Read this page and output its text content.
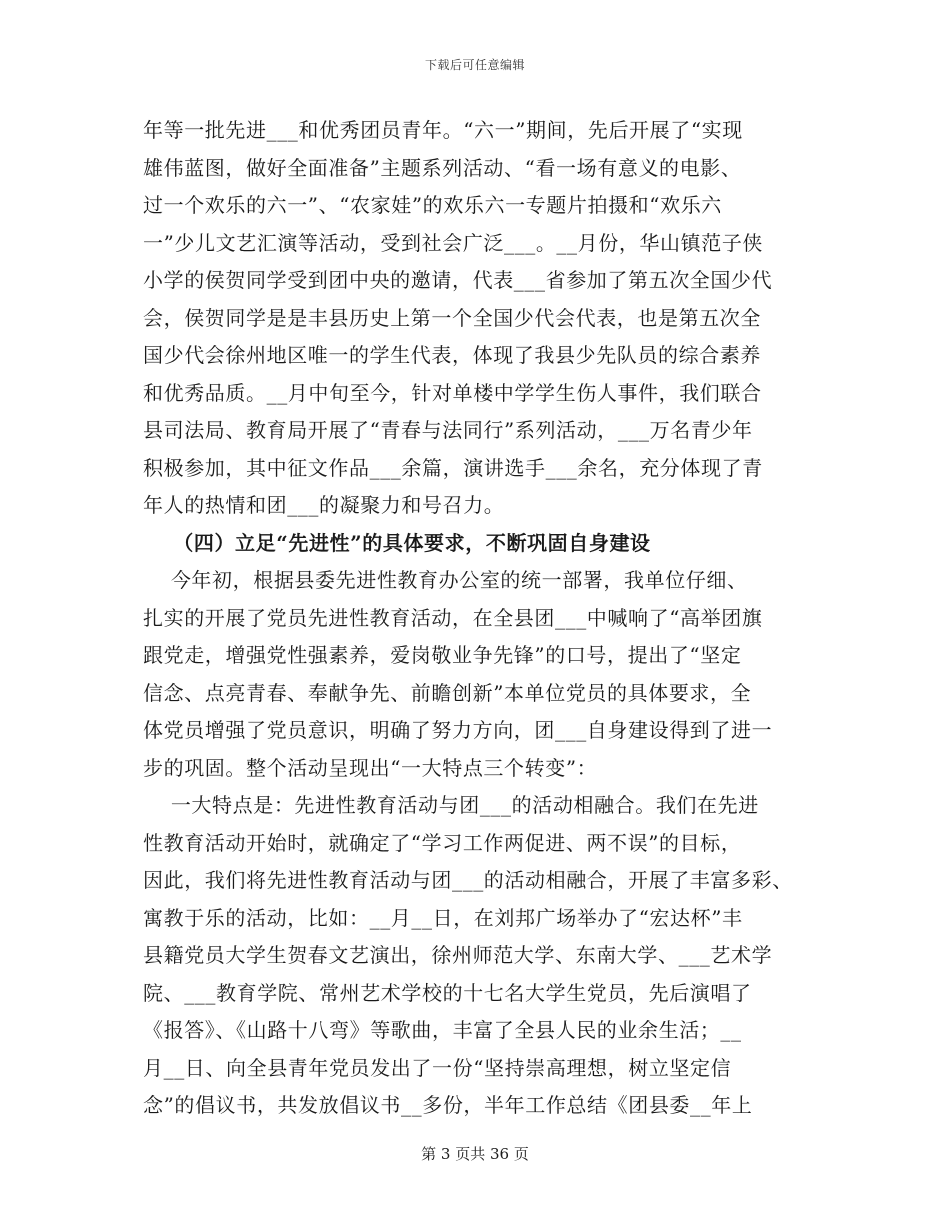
下载后可任意编辑
年等一批先进___和优秀团员青年。“六一”期间，先后开展了“实现
雄伟蓝图，做好全面准备”主题系列活动、“看一场有意义的电影、
过一个欢乐的六一”、“农家娃”的欢乐六一专题片拍摄和“欢乐六
一”少儿文艺汇演等活动，受到社会广泛___。__月份，华山镇范子侠
小学的侯贺同学受到团中央的邀请，代表___省参加了第五次全国少代
会，侯贺同学是是丰县历史上第一个全国少代会代表，也是第五次全
国少代会徐州地区唯一的学生代表，体现了我县少先队员的综合素养
和优秀品质。__月中旬至今，针对单楼中学学生伤人事件，我们联合
县司法局、教育局开展了“青春与法同行”系列活动，___万名青少年
积极参加，其中征文作品___余篇，演讲选手___余名，充分体现了青
年人的热情和团___的凝聚力和号召力。
（四）立足“先进性”的具体要求，不断巩固自身建设
今年初，根据县委先进性教育办公室的统一部署，我单位仔细、
扎实的开展了党员先进性教育活动，在全县团___中喊响了“高举团旗
跟党走，增强党性强素养，爱岗敬业争先锋”的口号，提出了“坚定
信念、点亮青春、奉献争先、前瞻创新”本单位党员的具体要求，全
体党员增强了党员意识，明确了努力方向，团___自身建设得到了进一
步的巩固。整个活动呈现出“一大特点三个转变”：
一大特点是：先进性教育活动与团___的活动相融合。我们在先进
性教育活动开始时，就确定了“学习工作两促进、两不误”的目标，
因此，我们将先进性教育活动与团___的活动相融合，开展了丰富多彩、
寓教于乐的活动，比如：__月__日，在刘邦广场举办了“宏达杯”丰
县籍党员大学生贺春文艺演出，徐州师范大学、东南大学、___艺术学
院、___教育学院、常州艺术学校的十七名大学生党员，先后演唱了
《报答》、《山路十八弯》等歌曲，丰富了全县人民的业余生活；__
月__日、向全县青年党员发出了一份“坚持崇高理想，树立坚定信
念”的倡议书，共发放倡议书__多份，半年工作总结《团县委__年上
第 3 页共 36 页
